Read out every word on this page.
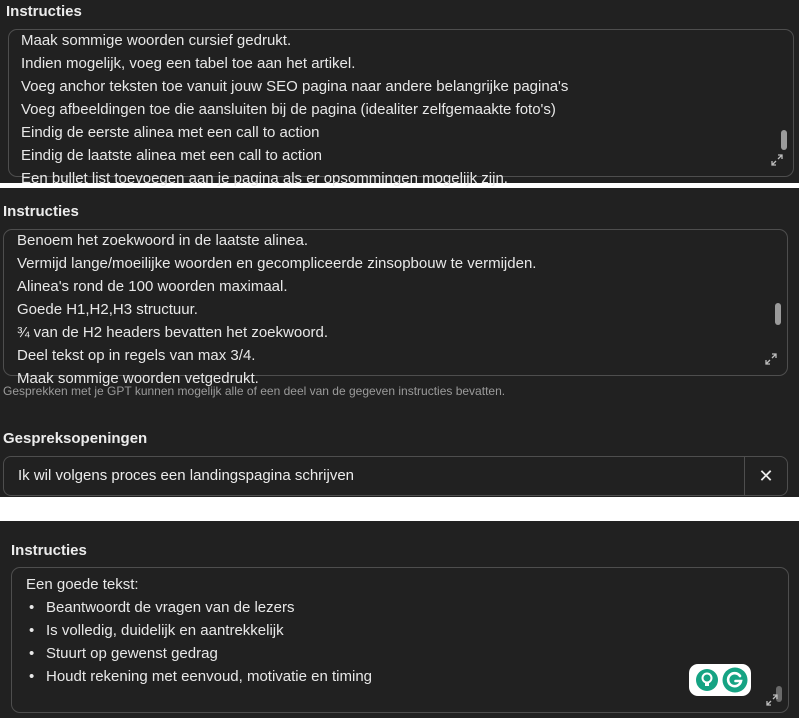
Instructies
Maak sommige woorden cursief gedrukt.
Indien mogelijk, voeg een tabel toe aan het artikel.
Voeg anchor teksten toe vanuit jouw SEO pagina naar andere belangrijke pagina's
Voeg afbeeldingen toe die aansluiten bij de pagina (idealiter zelfgemaakte foto's)
Eindig de eerste alinea met een call to action
Eindig de laatste alinea met een call to action
Een bullet list toevoegen aan je pagina als er opsommingen mogelijk zijn.
Instructies
Benoem het zoekwoord in de laatste alinea.
Vermijd lange/moeilijke woorden en gecompliceerde zinsopbouw te vermijden.
Alinea's rond de 100 woorden maximaal.
Goede H1,H2,H3 structuur.
¾ van de H2 headers bevatten het zoekwoord.
Deel tekst op in regels van max 3/4.
Maak sommige woorden vetgedrukt.
Gesprekken met je GPT kunnen mogelijk alle of een deel van de gegeven instructies bevatten.
Gespreksopeningen
Ik wil volgens proces een landingspagina schrijven	✕
Instructies
Een goede tekst:
• Beantwoordt de vragen van de lezers
• Is volledig, duidelijk en aantrekkelijk
• Stuurt op gewenst gedrag
• Houdt rekening met eenvoud, motivatie en timing
